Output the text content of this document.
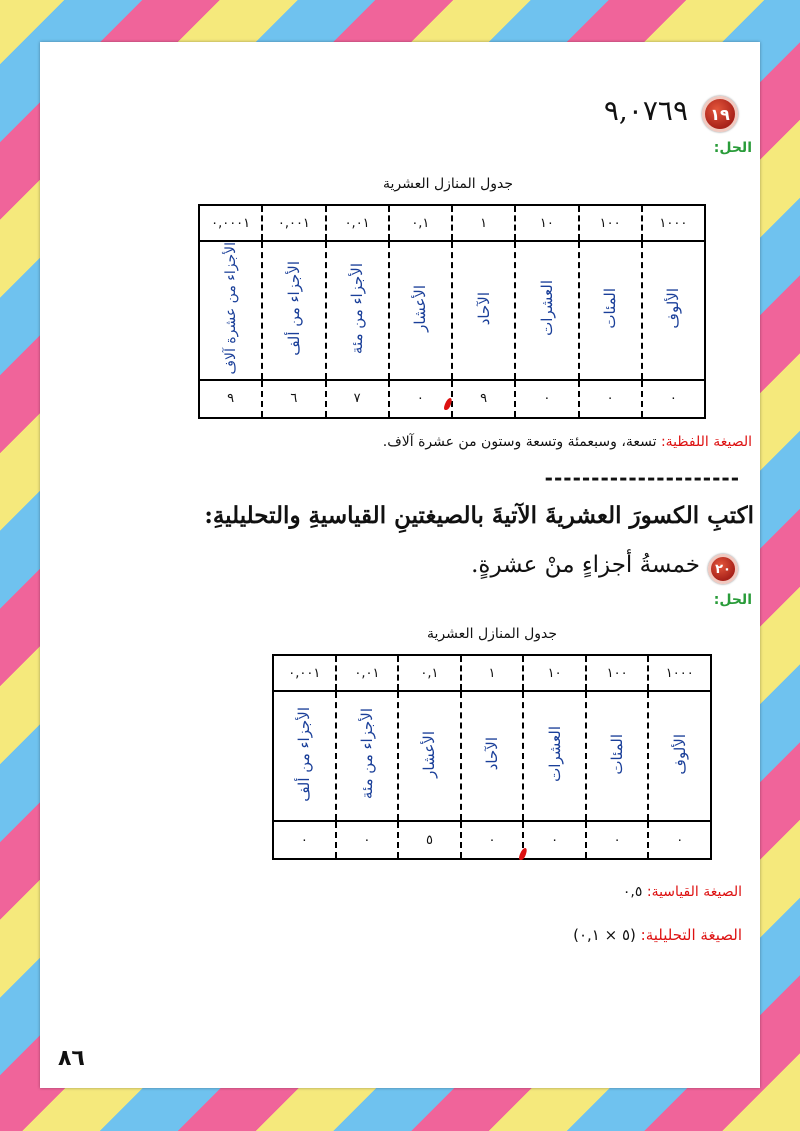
١٩
٩,٠٧٦٩
الحل:
جدول المنازل العشرية
١٠٠٠	١٠٠	١٠	١	٠,١	٠,٠١	٠,٠٠١	٠,٠٠٠١
الألوف	المئات	العشرات	الآحاد	الأعشار	الأجزاء من مئة	الأجزاء من ألف	الأجزاء من عشرة آلاف
٠	٠	٠	٩	٠	٧	٦	٩
الصيغة اللفظية: تسعة، وسبعمئة وتسعة وستون من عشرة آلاف.
---------------------
اكتبِ الكسورَ العشريةَ الآتيةَ بالصيغتينِ القياسيةِ والتحليليةِ:
٢٠
خمسةُ أجزاءٍ منْ عشرةٍ.
الحل:
جدول المنازل العشرية
١٠٠٠	١٠٠	١٠	١	٠,١	٠,٠١	٠,٠٠١
الألوف	المئات	العشرات	الآحاد	الأعشار	الأجزاء من مئة	الأجزاء من ألف
٠	٠	٠	٠	٥	٠	٠
الصيغة القياسية: ٠,٥
الصيغة التحليلية: (٥ × ٠,١)
٨٦
